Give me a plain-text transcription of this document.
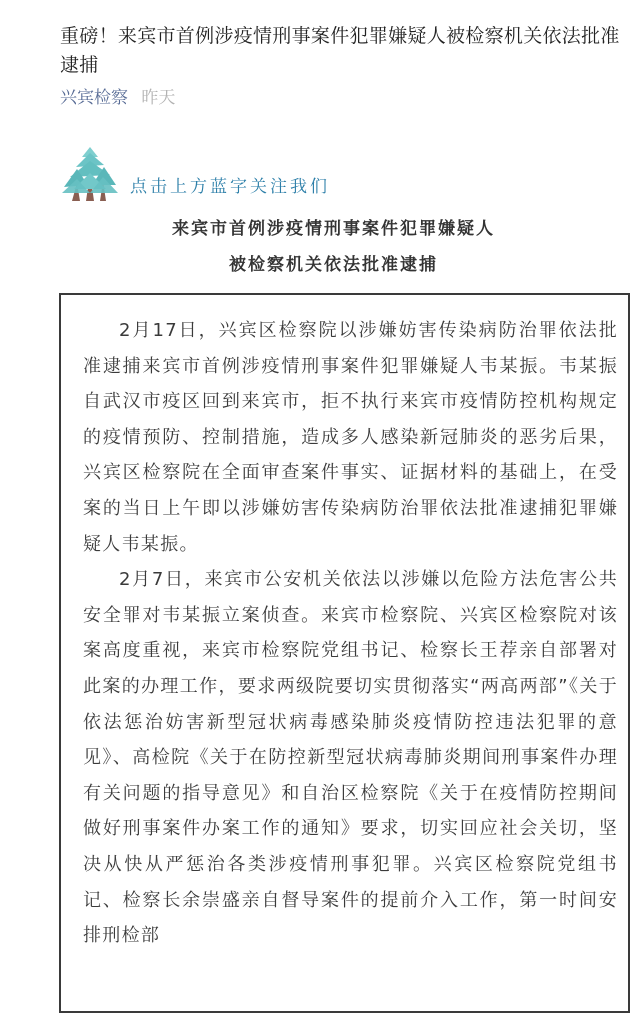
重磅！来宾市首例涉疫情刑事案件犯罪嫌疑人被检察机关依法批准逮捕
兴宾检察 昨天
点击上方蓝字关注我们
来宾市首例涉疫情刑事案件犯罪嫌疑人
被检察机关依法批准逮捕

2月17日，兴宾区检察院以涉嫌妨害传染病防治罪依法批准逮捕来宾市首例涉疫情刑事案件犯罪嫌疑人韦某振。韦某振自武汉市疫区回到来宾市，拒不执行来宾市疫情防控机构规定的疫情预防、控制措施，造成多人感染新冠肺炎的恶劣后果，兴宾区检察院在全面审查案件事实、证据材料的基础上，在受案的当日上午即以涉嫌妨害传染病防治罪依法批准逮捕犯罪嫌疑人韦某振。

2月7日，来宾市公安机关依法以涉嫌以危险方法危害公共安全罪对韦某振立案侦查。来宾市检察院、兴宾区检察院对该案高度重视，来宾市检察院党组书记、检察长王荐亲自部署对此案的办理工作，要求两级院要切实贯彻落实“两高两部”《关于依法惩治妨害新型冠状病毒感染肺炎疫情防控违法犯罪的意见》、高检院《关于在防控新型冠状病毒肺炎期间刑事案件办理有关问题的指导意见》和自治区检察院《关于在疫情防控期间做好刑事案件办案工作的通知》要求，切实回应社会关切，坚决从快从严惩治各类涉疫情刑事犯罪。兴宾区检察院党组书记、检察长余崇盛亲自督导案件的提前介入工作，第一时间安排刑检部
